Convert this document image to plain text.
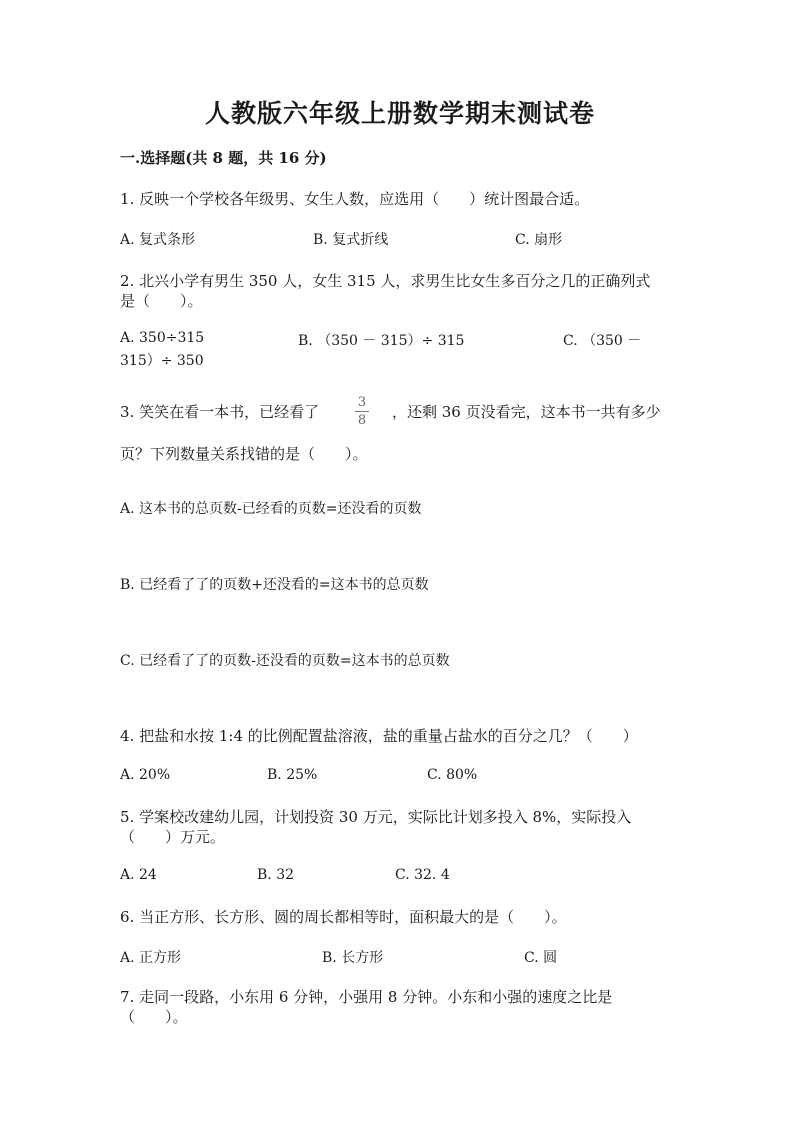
人教版六年级上册数学期末测试卷
一.选择题(共 8 题，共 16 分)
1. 反映一个学校各年级男、女生人数，应选用（　　）统计图最合适。
A. 复式条形	B. 复式折线	C. 扇形
2. 北兴小学有男生 350 人，女生 315 人，求男生比女生多百分之几的正确列式
是（　　）。
A. 350÷315	B. （350 － 315）÷ 315	C. （350 －
315）÷ 350
3. 笑笑在看一本书，已经看了
3
8 ，还剩 36 页没看完，这本书一共有多少
页？下列数量关系找错的是（　　）。
A. 这本书的总页数-已经看的页数=还没看的页数
B. 已经看了了的页数+还没看的=这本书的总页数
C. 已经看了了的页数-还没看的页数=这本书的总页数
4. 把盐和水按 1:4 的比例配置盐溶液，盐的重量占盐水的百分之几？（　　）
A. 20%	B. 25%	C. 80%
5. 学案校改建幼儿园，计划投资 30 万元，实际比计划多投入 8%，实际投入
（　　）万元。
A. 24	B. 32	C. 32. 4
6. 当正方形、长方形、圆的周长都相等时，面积最大的是（　　）。
A. 正方形	B. 长方形	C. 圆
7. 走同一段路，小东用 6 分钟，小强用 8 分钟。小东和小强的速度之比是
（　　）。
